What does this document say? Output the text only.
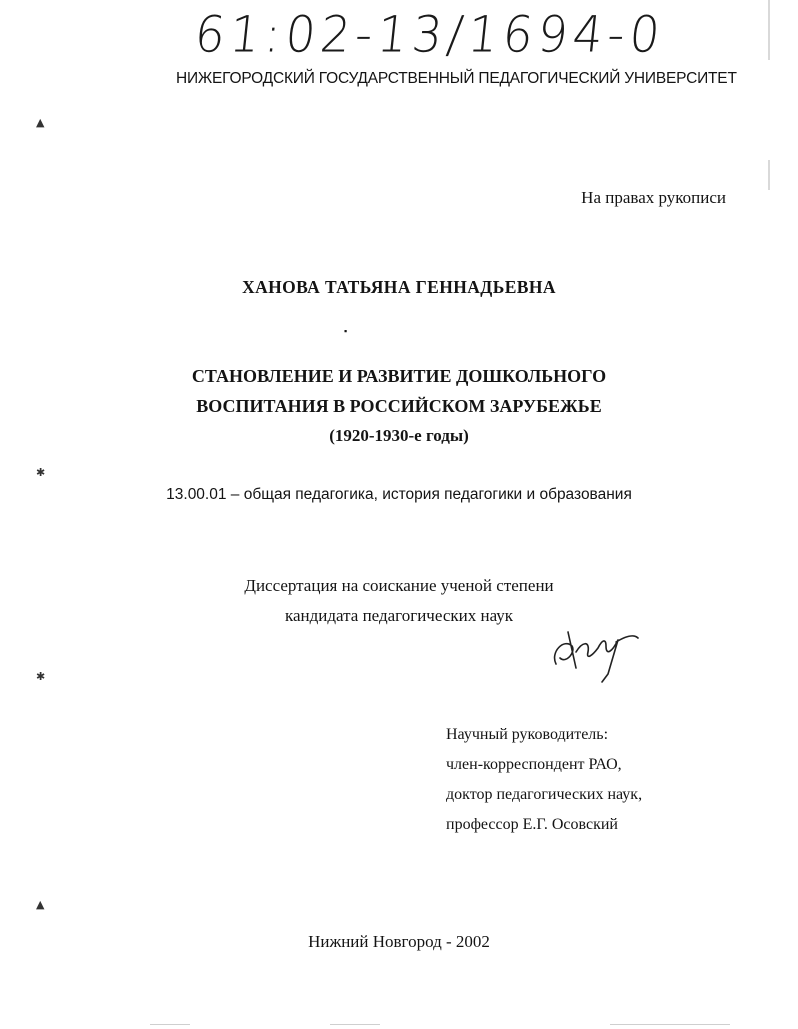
61:02-13/1694-0
НИЖЕГОРОДСКИЙ ГОСУДАРСТВЕННЫЙ ПЕДАГОГИЧЕСКИЙ УНИВЕРСИТЕТ
На правах рукописи
ХАНОВА ТАТЬЯНА ГЕННАДЬЕВНА
СТАНОВЛЕНИЕ И РАЗВИТИЕ ДОШКОЛЬНОГО
ВОСПИТАНИЯ В РОССИЙСКОМ ЗАРУБЕЖЬЕ
(1920-1930-е годы)
13.00.01 – общая педагогика, история педагогики и образования
Диссертация на соискание ученой степени
кандидата педагогических наук
Научный руководитель:
член-корреспондент РАО,
доктор педагогических наук,
профессор Е.Г. Осовский
Нижний Новгород - 2002
▲
✱
✱
▲
▪
